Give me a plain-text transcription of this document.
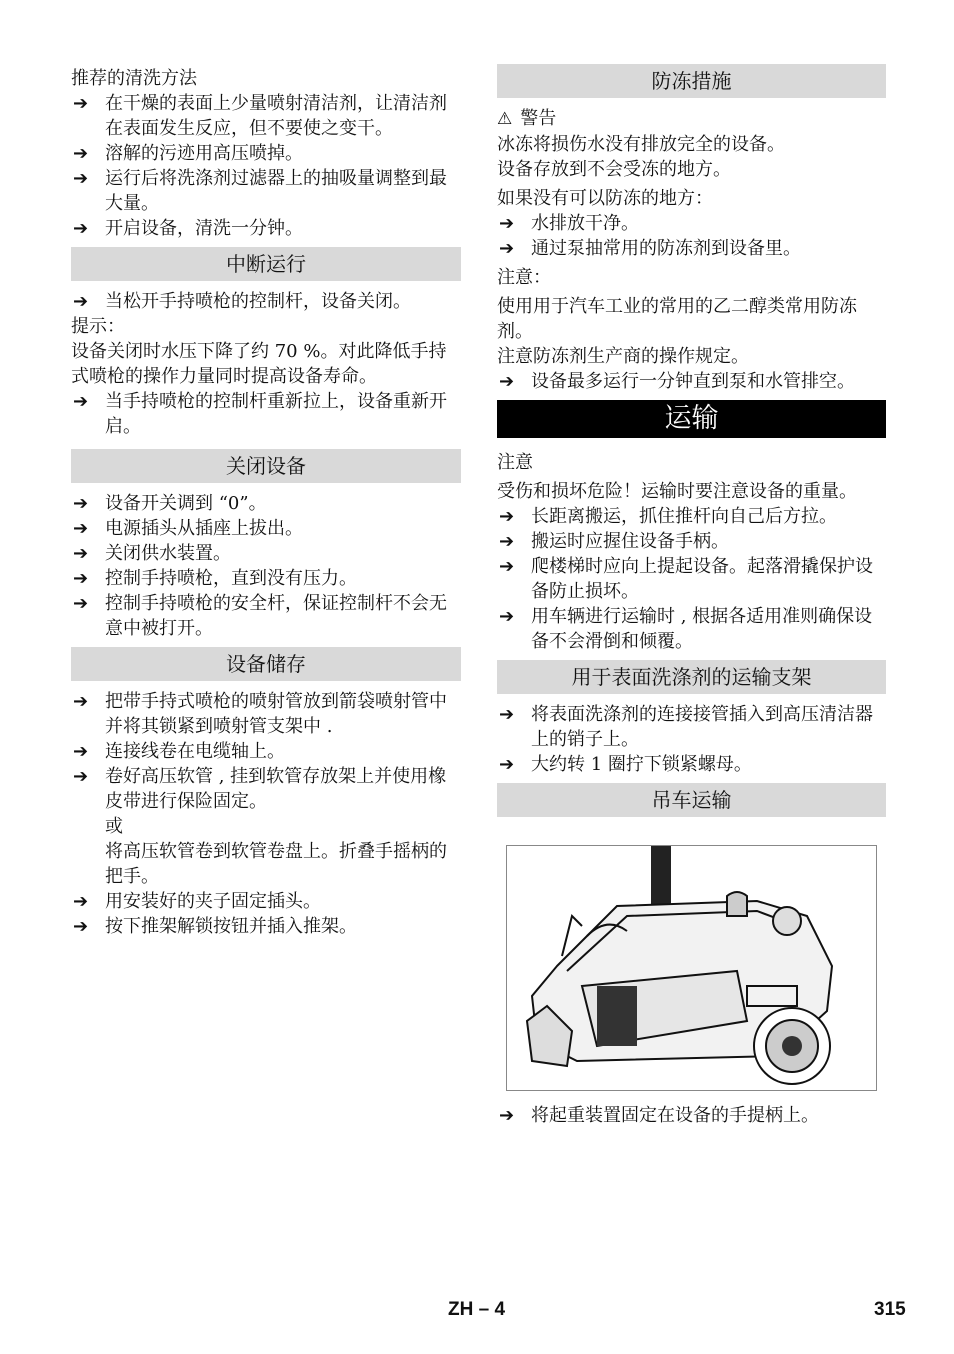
推荐的清洗方法

➔ 在干燥的表面上少量喷射清洁剂，让清洁剂在表面发生反应，但不要使之变干。

➔ 溶解的污迹用高压喷掉。

➔ 运行后将洗涤剂过滤器上的抽吸量调整到最大量。

➔ 开启设备，清洗一分钟。

中断运行

➔ 当松开手持喷枪的控制杆，设备关闭。

提示：

设备关闭时水压下降了约 70 %。对此降低手持式喷枪的操作力量同时提高设备寿命。

➔ 当手持喷枪的控制杆重新拉上，设备重新开启。

关闭设备

➔ 设备开关调到 “0”。

➔ 电源插头从插座上拔出。

➔ 关闭供水装置。

➔ 控制手持喷枪，直到没有压力。

➔ 控制手持喷枪的安全杆，保证控制杆不会无意中被打开。

设备储存

➔ 把带手持式喷枪的喷射管放到箭袋喷射管中并将其锁紧到喷射管支架中 .

➔ 连接线卷在电缆轴上。

➔ 卷好高压软管 , 挂到软管存放架上并使用橡皮带进行保险固定。

或

将高压软管卷到软管卷盘上。折叠手摇柄的把手。

➔ 用安装好的夹子固定插头。

➔ 按下推架解锁按钮并插入推架。

防冻措施

⚠ 警告

冰冻将损伤水没有排放完全的设备。

设备存放到不会受冻的地方。

如果没有可以防冻的地方：

➔ 水排放干净。

➔ 通过泵抽常用的防冻剂到设备里。

注意：

使用用于汽车工业的常用的乙二醇类常用防冻剂。

注意防冻剂生产商的操作规定。

➔ 设备最多运行一分钟直到泵和水管排空。

运输

注意

受伤和损坏危险！运输时要注意设备的重量。

➔ 长距离搬运，抓住推杆向自己后方拉。

➔ 搬运时应握住设备手柄。

➔ 爬楼梯时应向上提起设备。起落滑撬保护设备防止损坏。

➔ 用车辆进行运输时 , 根据各适用准则确保设备不会滑倒和倾覆。

用于表面洗涤剂的运输支架

➔ 将表面洗涤剂的连接接管插入到高压清洁器上的销子上。

➔ 大约转 1 圈拧下锁紧螺母。

吊车运输

➔ 将起重装置固定在设备的手提柄上。

ZH – 4	315
